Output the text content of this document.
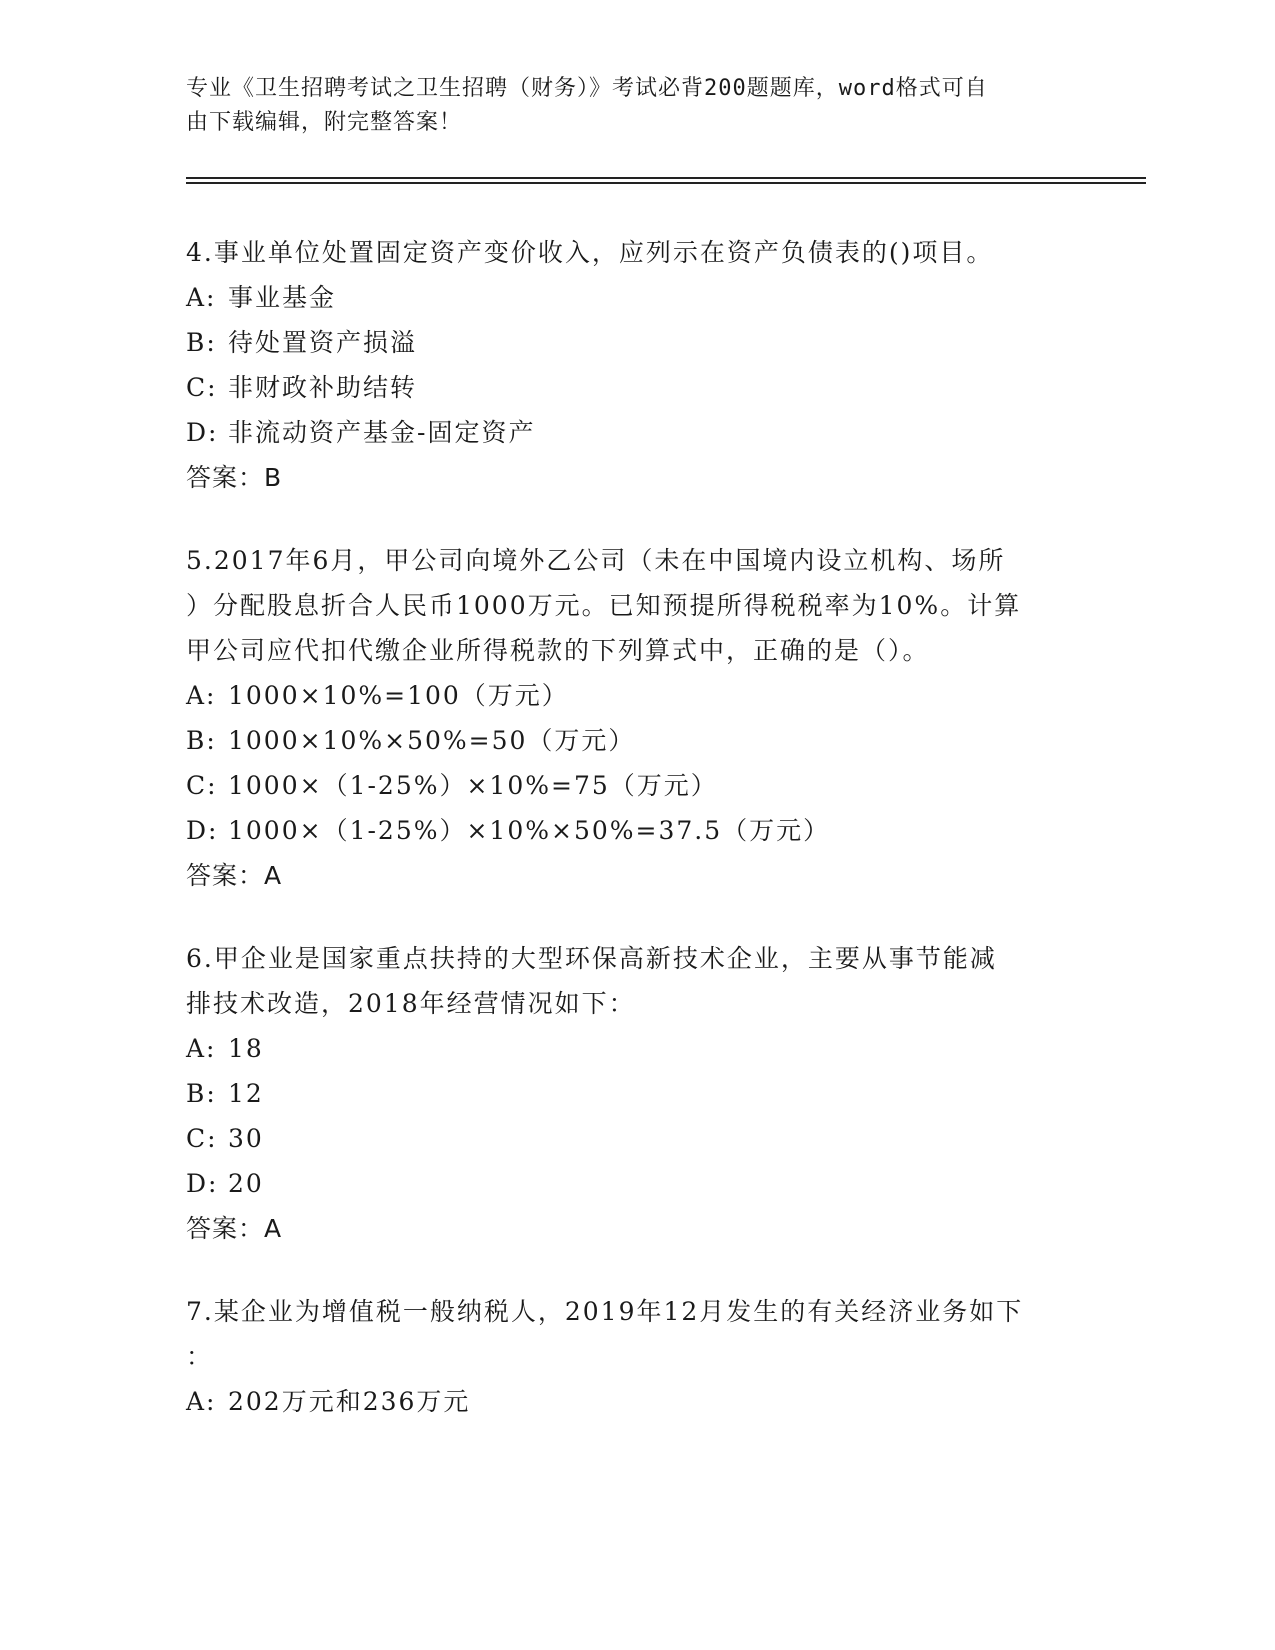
专业《卫生招聘考试之卫生招聘（财务）》考试必背200题题库，word格式可自
由下载编辑，附完整答案！

4.事业单位处置固定资产变价收入，应列示在资产负债表的()项目。

A: 事业基金

B: 待处置资产损溢

C: 非财政补助结转

D: 非流动资产基金-固定资产

答案：B

5.2017年6月，甲公司向境外乙公司（未在中国境内设立机构、场所

）分配股息折合人民币1000万元。已知预提所得税税率为10%。计算

甲公司应代扣代缴企业所得税款的下列算式中，正确的是（）。

A: 1000×10%=100（万元）

B: 1000×10%×50%=50（万元）

C: 1000×（1-25%）×10%=75（万元）

D: 1000×（1-25%）×10%×50%=37.5（万元）

答案：A

6.甲企业是国家重点扶持的大型环保高新技术企业，主要从事节能减

排技术改造，2018年经营情况如下：

A: 18

B: 12

C: 30

D: 20

答案：A

7.某企业为增值税一般纳税人，2019年12月发生的有关经济业务如下

：

A: 202万元和236万元
